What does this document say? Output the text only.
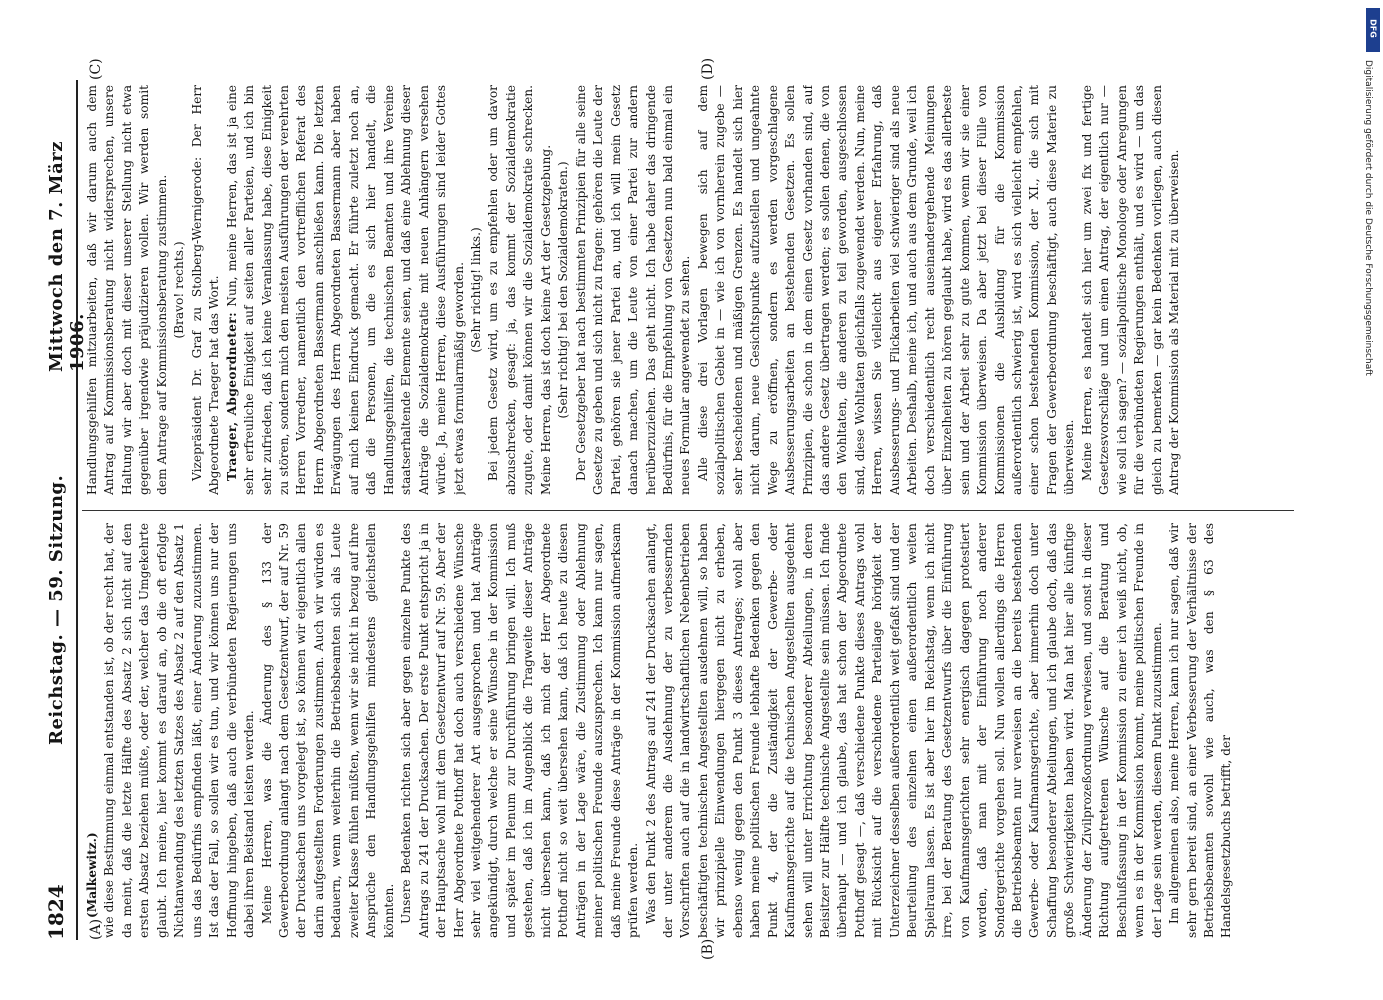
1824
Reichstag. — 59. Sitzung.
Mittwoch den 7. März 1906.
(A)
(B)
(C)	(D)

(Malkewitz.) wie diese Bestimmung einmal entstanden ist, ob der recht hat, der da meint, daß die letzte Hälfte des Absatz 2 sich nicht auf den ersten Absatz beziehen müßte, oder der, welcher das Umgekehrte glaubt. Ich meine, hier kommt es darauf an, ob die oft erfolgte Nichtanwendung des letzten Satzes des Absatz 2 auf den Absatz 1 uns das Bedürfnis empfinden läßt, einer Änderung zuzustimmen. Ist das der Fall, so sollen wir es tun, und wir können uns nur der Hoffnung hingeben, daß auch die verbündeten Regierungen uns dabei ihren Beistand leisten werden. Meine Herren, was die Änderung des § 133 der Gewerbeordnung anlangt nach dem Gesetzentwurf, der auf Nr. 59 der Drucksachen uns vorgelegt ist, so können wir eigentlich allen darin aufgestellten Forderungen zustimmen. Auch wir würden es bedauern, wenn weiterhin die Betriebsbeamten sich als Leute zweiter Klasse fühlen müßten, wenn wir sie nicht in bezug auf ihre Ansprüche den Handlungsgehilfen mindestens gleichstellen könnten. Unsere Bedenken richten sich aber gegen einzelne Punkte des Antrags zu 241 der Drucksachen. Der erste Punkt entspricht ja in der Hauptsache wohl mit dem Gesetzentwurf auf Nr. 59. Aber der Herr Abgeordnete Potthoff hat doch auch verschiedene Wünsche sehr viel weitgehenderer Art ausgesprochen und hat Anträge angekündigt, durch welche er seine Wünsche in der Kommission und später im Plenum zur Durchführung bringen will. Ich muß gestehen, daß ich im Augenblick die Tragweite dieser Anträge nicht übersehen kann, daß ich mich der Herr Abgeordnete Potthoff nicht so weit übersehen kann, daß ich heute zu diesen Anträgen in der Lage wäre, die Zustimmung oder Ablehnung meiner politischen Freunde auszusprechen. Ich kann nur sagen, daß meine Freunde diese Anträge in der Kommission aufmerksam prüfen werden. Was den Punkt 2 des Antrags auf 241 der Drucksachen anlangt, der unter anderem die Ausdehnung der zu verbessernden Vorschriften auch auf die in landwirtschaftlichen Nebenbetrieben beschäftigten technischen Angestellten ausdehnen will, so haben wir prinzipielle Einwendungen hiergegen nicht zu erheben, ebenso wenig gegen den Punkt 3 dieses Antrages; wohl aber haben meine politischen Freunde lebhafte Bedenken gegen den Punkt 4, der die Zuständigkeit der Gewerbe- oder Kaufmannsgerichte auf die technischen Angestellten ausgedehnt sehen will unter Errichtung besonderer Abteilungen, in deren Beisitzer zur Hälfte technische Angestellte sein müssen. Ich finde überhaupt — und ich glaube, das hat schon der Abgeordnete Potthoff gesagt —, daß verschiedene Punkte dieses Antrags wohl mit Rücksicht auf die verschiedene Parteilage hörigkeit der Unterzeichner desselben außerordentlich weit gefaßt sind und der Beurteilung des einzelnen einen außerordentlich weiten Spielraum lassen. Es ist aber hier im Reichstag, wenn ich nicht irre, bei der Beratung des Gesetzentwurfs über die Einführung von Kaufmannsgerichten sehr energisch dagegen protestiert worden, daß man mit der Einführung noch anderer Sondergerichte vorgehen soll. Nun wollen allerdings die Herren die Betriebsbeamten nur verweisen an die bereits bestehenden Gewerbe- oder Kaufmannsgerichte, aber immerhin doch unter Schaffung besonderer Abteilungen, und ich glaube doch, daß das große Schwierigkeiten haben wird. Man hat hier alle künftige Änderung der Zivilprozeßordnung verwiesen, und sonst in dieser Richtung aufgetretenen Wünsche auf die Beratung und Beschlußfassung in der Kommission zu einer ich weiß nicht, ob, wenn es in der Kommission kommt, meine politischen Freunde in der Lage sein werden, diesem Punkt zuzustimmen. Im allgemeinen also, meine Herren, kann ich nur sagen, daß wir sehr gern bereit sind, an einer Verbesserung der Verhältnisse der Betriebsbeamten sowohl wie auch, was den § 63 des Handelsgesetzbuchs betrifft, der

Handlungsgehilfen mitzuarbeiten, daß wir darum auch dem Antrag auf Kommissionsberatung nicht widersprechen, unsere Haltung wir aber doch mit dieser unserer Stellung nicht etwa gegenüber irgendwie präjudizieren wollen. Wir werden somit dem Antrage auf Kommissionsberatung zustimmen. (Bravo! rechts.) Vizepräsident Dr. Graf zu Stolberg-Wernigerode: Der Herr Abgeordnete Traeger hat das Wort. Traeger, Abgeordneter: Nun, meine Herren, das ist ja eine sehr erfreuliche Einigkeit auf seiten aller Parteien, und ich bin sehr zufrieden, daß ich keine Veranlassung habe, diese Einigkeit zu stören, sondern mich den meisten Ausführungen der verehrten Herren Vorredner, namentlich den vortrefflichen Referat des Herrn Abgeordneten Bassermann anschließen kann. Die letzten Erwägungen des Herrn Abgeordneten Bassermann aber haben auf mich keinen Eindruck gemacht. Er führte zuletzt noch an, daß die Personen, um die es sich hier handelt, die Handlungsgehilfen, die technischen Beamten und ihre Vereine staatserhaltende Elemente seien, und daß eine Ablehnung dieser Anträge die Sozialdemokratie mit neuen Anhängern versehen würde. Ja, meine Herren, diese Ausführungen sind leider Gottes jetzt etwas formularmäßig geworden. (Sehr richtig! links.) Bei jedem Gesetz wird, um es zu empfehlen oder um davor abzuschrecken, gesagt: ja, das kommt der Sozialdemokratie zugute, oder damit können wir die Sozialdemokratie schrecken. Meine Herren, das ist doch keine Art der Gesetzgebung. (Sehr richtig! bei den Sozialdemokraten.) Der Gesetzgeber hat nach bestimmten Prinzipien für alle seine Gesetze zu geben und sich nicht zu fragen: gehören die Leute der Partei, gehören sie jener Partei an, und ich will mein Gesetz danach machen, um die Leute von einer Partei zur andern herüberzuziehen. Das geht nicht. Ich habe daher das dringende Bedürfnis, für die Empfehlung von Gesetzen nun bald einmal ein neues Formular angewendet zu sehen. Alle diese drei Vorlagen bewegen sich auf dem sozialpolitischen Gebiet in — wie ich von vornherein zugebe — sehr bescheidenen und mäßigen Grenzen. Es handelt sich hier nicht darum, neue Gesichtspunkte aufzustellen und ungeahnte Wege zu eröffnen, sondern es werden vorgeschlagene Ausbesserungsarbeiten an bestehenden Gesetzen. Es sollen Prinzipien, die schon in dem einen Gesetz vorhanden sind, auf das andere Gesetz übertragen werden; es sollen denen, die von den Wohltaten, die anderen zu teil geworden, ausgeschlossen sind, diese Wohltaten gleichfalls zugewendet werden. Nun, meine Herren, wissen Sie vielleicht aus eigener Erfahrung, daß Ausbesserungs- und Flickarbeiten viel schwieriger sind als neue Arbeiten. Deshalb, meine ich, und auch aus dem Grunde, weil ich doch verschiedentlich recht auseinandergehende Meinungen über Einzelheiten zu hören geglaubt habe, wird es das allerbeste sein und der Arbeit sehr zu gute kommen, wenn wir sie einer Kommission überweisen. Da aber jetzt bei dieser Fülle von Kommissionen die Ausbildung für die Kommission außerordentlich schwierig ist, wird es sich vielleicht empfehlen, einer schon bestehenden Kommission, der XI., die sich mit Fragen der Gewerbeordnung beschäftigt, auch diese Materie zu überweisen. Meine Herren, es handelt sich hier um zwei fix und fertige Gesetzesvorschläge und um einen Antrag, der eigentlich nur — wie soll ich sagen? — sozialpolitische Monologe oder Anregungen für die verbündeten Regierungen enthält, und es wird — um das gleich zu bemerken — gar kein Bedenken vorliegen, auch diesen Antrag der Kommission als Material mit zu überweisen.

DFG
Digitalisierung gefördert durch die Deutsche Forschungsgemeinschaft
